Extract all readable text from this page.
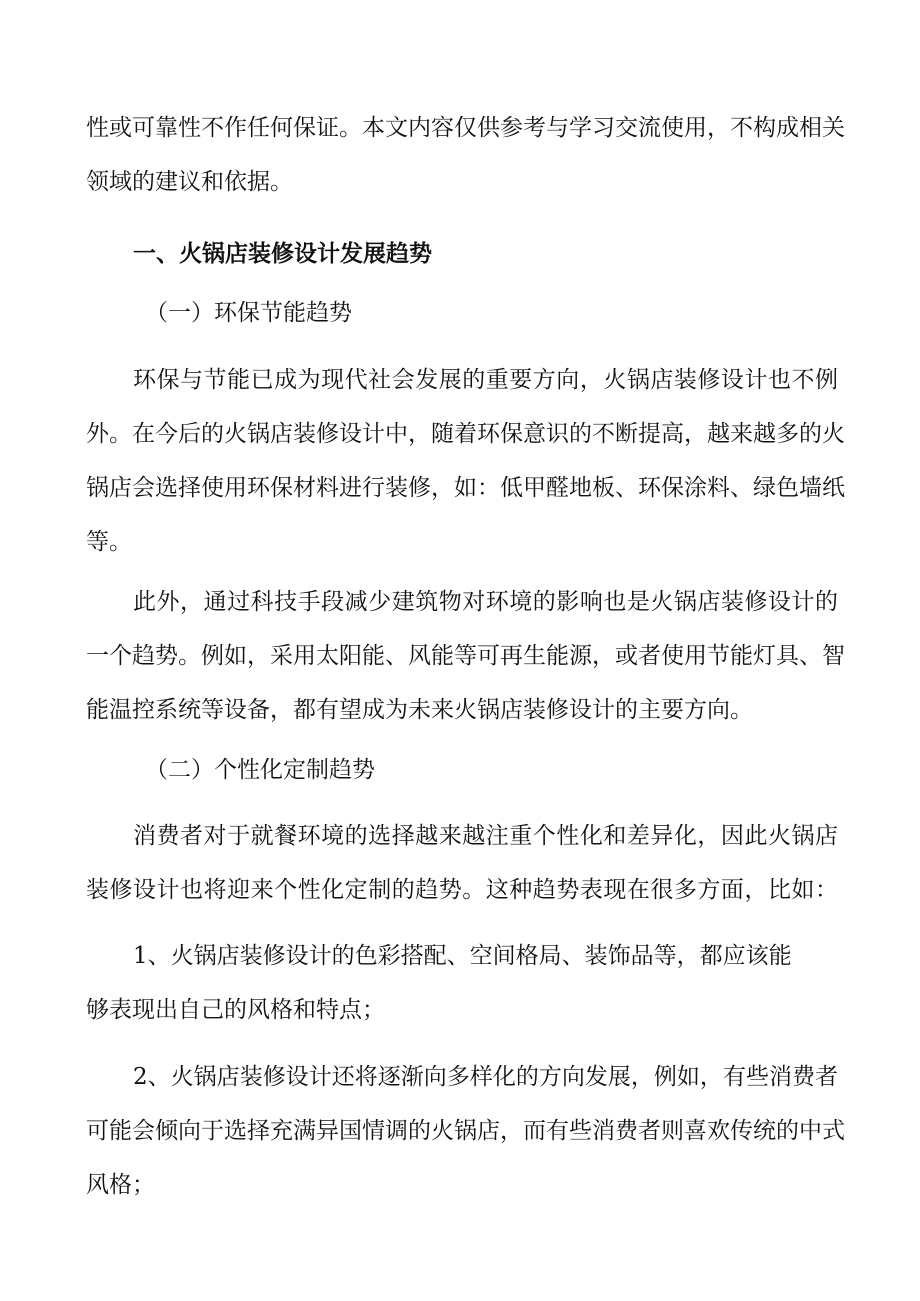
性或可靠性不作任何保证。本文内容仅供参考与学习交流使用，不构成相关
领域的建议和依据。
一、火锅店装修设计发展趋势
（一）环保节能趋势
环保与节能已成为现代社会发展的重要方向，火锅店装修设计也不例
外。在今后的火锅店装修设计中，随着环保意识的不断提高，越来越多的火
锅店会选择使用环保材料进行装修，如：低甲醛地板、环保涂料、绿色墙纸
等。
此外，通过科技手段减少建筑物对环境的影响也是火锅店装修设计的
一个趋势。例如，采用太阳能、风能等可再生能源，或者使用节能灯具、智
能温控系统等设备，都有望成为未来火锅店装修设计的主要方向。
（二）个性化定制趋势
消费者对于就餐环境的选择越来越注重个性化和差异化，因此火锅店
装修设计也将迎来个性化定制的趋势。这种趋势表现在很多方面，比如：
1、火锅店装修设计的色彩搭配、空间格局、装饰品等，都应该能
够表现出自己的风格和特点；
2、火锅店装修设计还将逐渐向多样化的方向发展，例如，有些消费者
可能会倾向于选择充满异国情调的火锅店，而有些消费者则喜欢传统的中式
风格；
